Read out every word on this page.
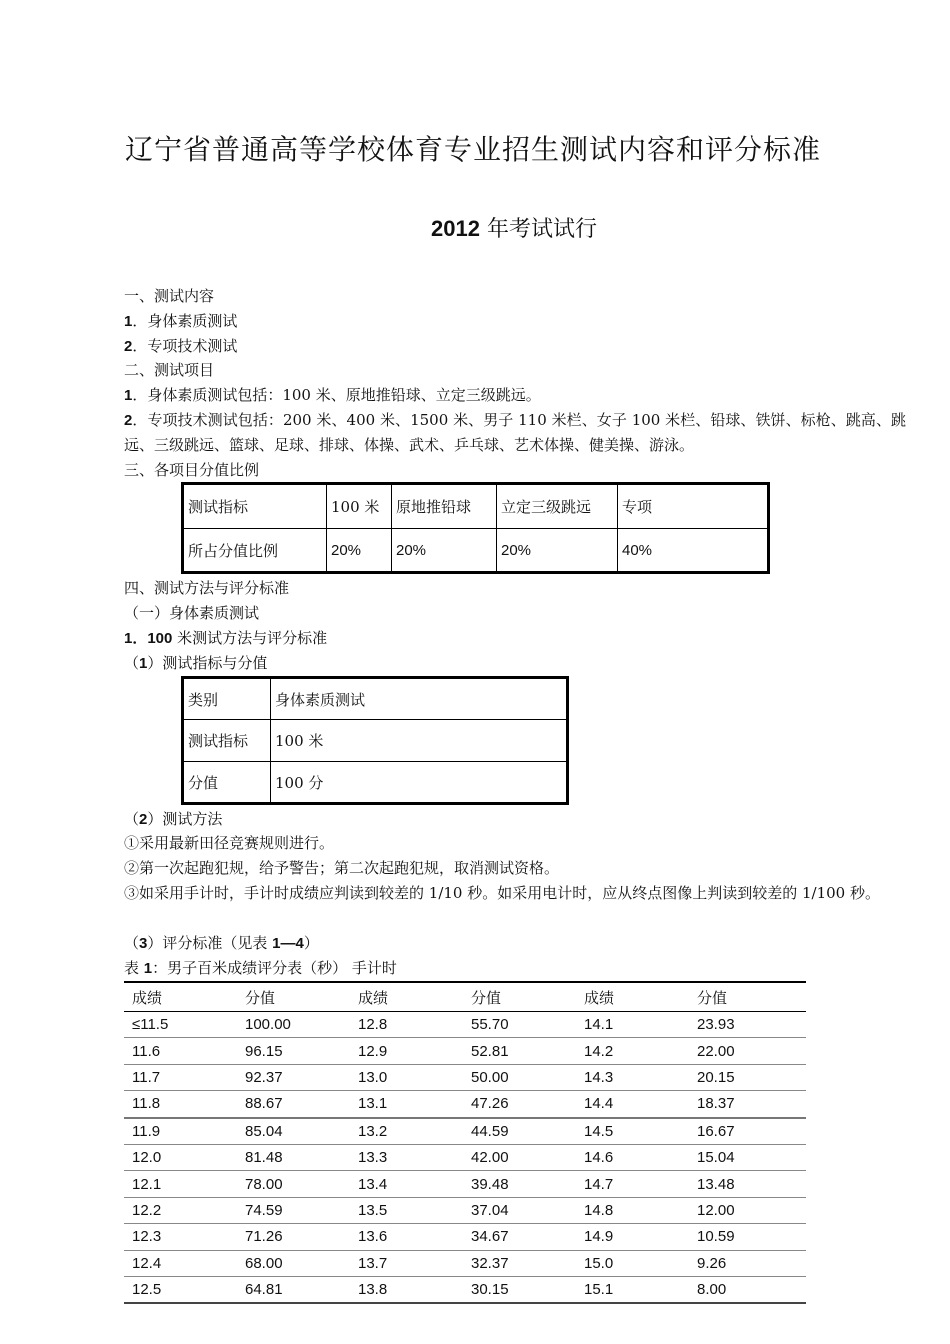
辽宁省普通高等学校体育专业招生测试内容和评分标准
2012 年考试试行
一、测试内容
1．身体素质测试
2．专项技术测试
二、测试项目
1．身体素质测试包括：100 米、原地推铅球、立定三级跳远。
2．专项技术测试包括：200 米、400 米、1500 米、男子 110 米栏、女子 100 米栏、铅球、铁饼、标枪、跳高、跳远、三级跳远、篮球、足球、排球、体操、武术、乒乓球、艺术体操、健美操、游泳。
三、各项目分值比例
测试指标	100 米	原地推铅球	立定三级跳远	专项
所占分值比例	20%	20%	20%	40%
四、测试方法与评分标准
（一）身体素质测试
1．100 米测试方法与评分标准
（1）测试指标与分值
类别	身体素质测试
测试指标	100 米
分值	100 分
（2）测试方法
①采用最新田径竞赛规则进行。
②第一次起跑犯规，给予警告；第二次起跑犯规，取消测试资格。
③如采用手计时，手计时成绩应判读到较差的 1/10 秒。如采用电计时，应从终点图像上判读到较差的 1/100 秒。
（3）评分标准（见表 1—4）
表 1：男子百米成绩评分表（秒） 手计时
成绩	分值	成绩	分值	成绩	分值
≤11.5	100.00	12.8	55.70	14.1	23.93
11.6	96.15	12.9	52.81	14.2	22.00
11.7	92.37	13.0	50.00	14.3	20.15
11.8	88.67	13.1	47.26	14.4	18.37
11.9	85.04	13.2	44.59	14.5	16.67
12.0	81.48	13.3	42.00	14.6	15.04
12.1	78.00	13.4	39.48	14.7	13.48
12.2	74.59	13.5	37.04	14.8	12.00
12.3	71.26	13.6	34.67	14.9	10.59
12.4	68.00	13.7	32.37	15.0	9.26
12.5	64.81	13.8	30.15	15.1	8.00
